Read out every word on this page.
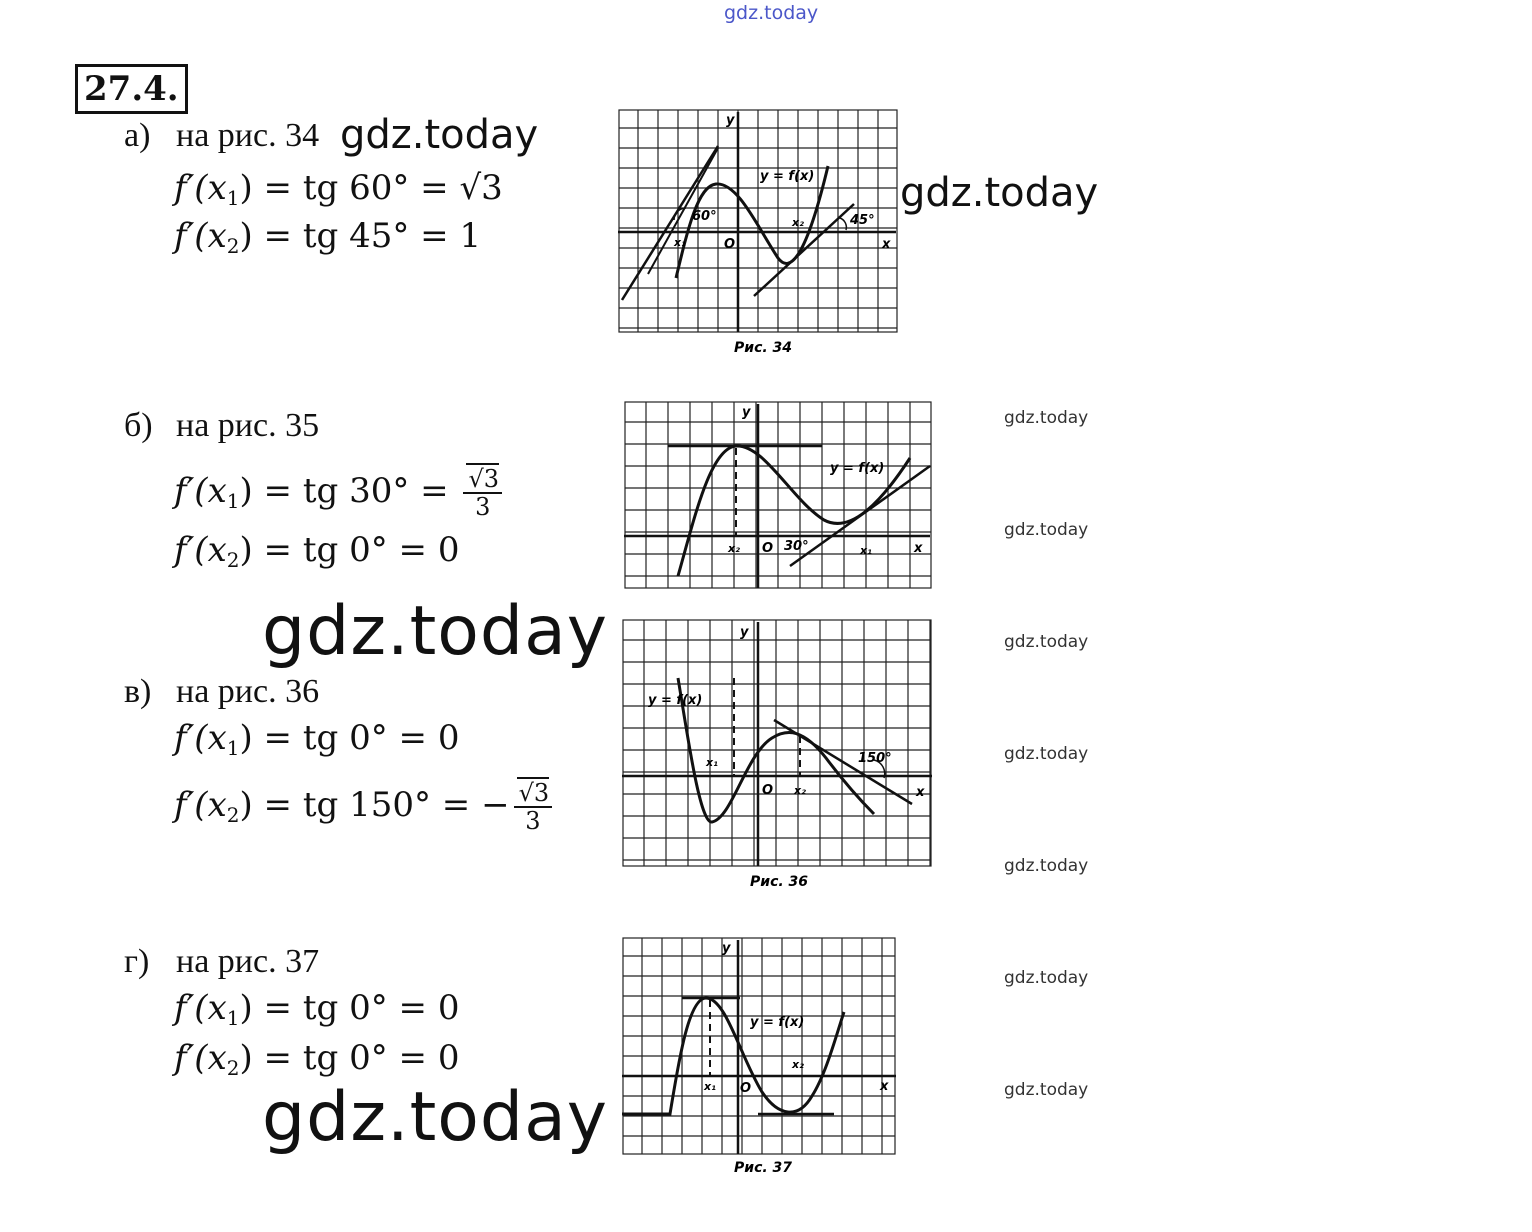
gdz.today
27.4.
а) на рис. 34 gdz.today
gdz.today
$f'(x_1)$ = tg 60° = √3
$f'(x_2)$ = tg 45° = 1
y
x
O
x₁
x₂
60°	45°
y = f(x)
Рис. 34
б) на рис. 35
$f'(x_1)$ = tg $30^\circ = \frac{√3}{3}$
$f'(x_2)$ = tg 0° = 0
y
x
O
x₂	x₁
30°
y = f(x)
gdz.today
в) на рис. 36
$f'(x_1)$ = tg 0° = 0
$f'(x_2)$ = tg 150° = − $\frac{√3}{3}$
y
x
O
x₁
x₂
150°
y = f(x)
Рис. 36
г) на рис. 37
$f'(x_1)$ = tg 0° = 0
$f'(x_2)$ = tg 0° = 0
gdz.today
y
x
O
x₁
x₂
y = f(x)
Рис. 37
gdz.today
gdz.today
gdz.today
gdz.today
gdz.today
gdz.today
gdz.today
